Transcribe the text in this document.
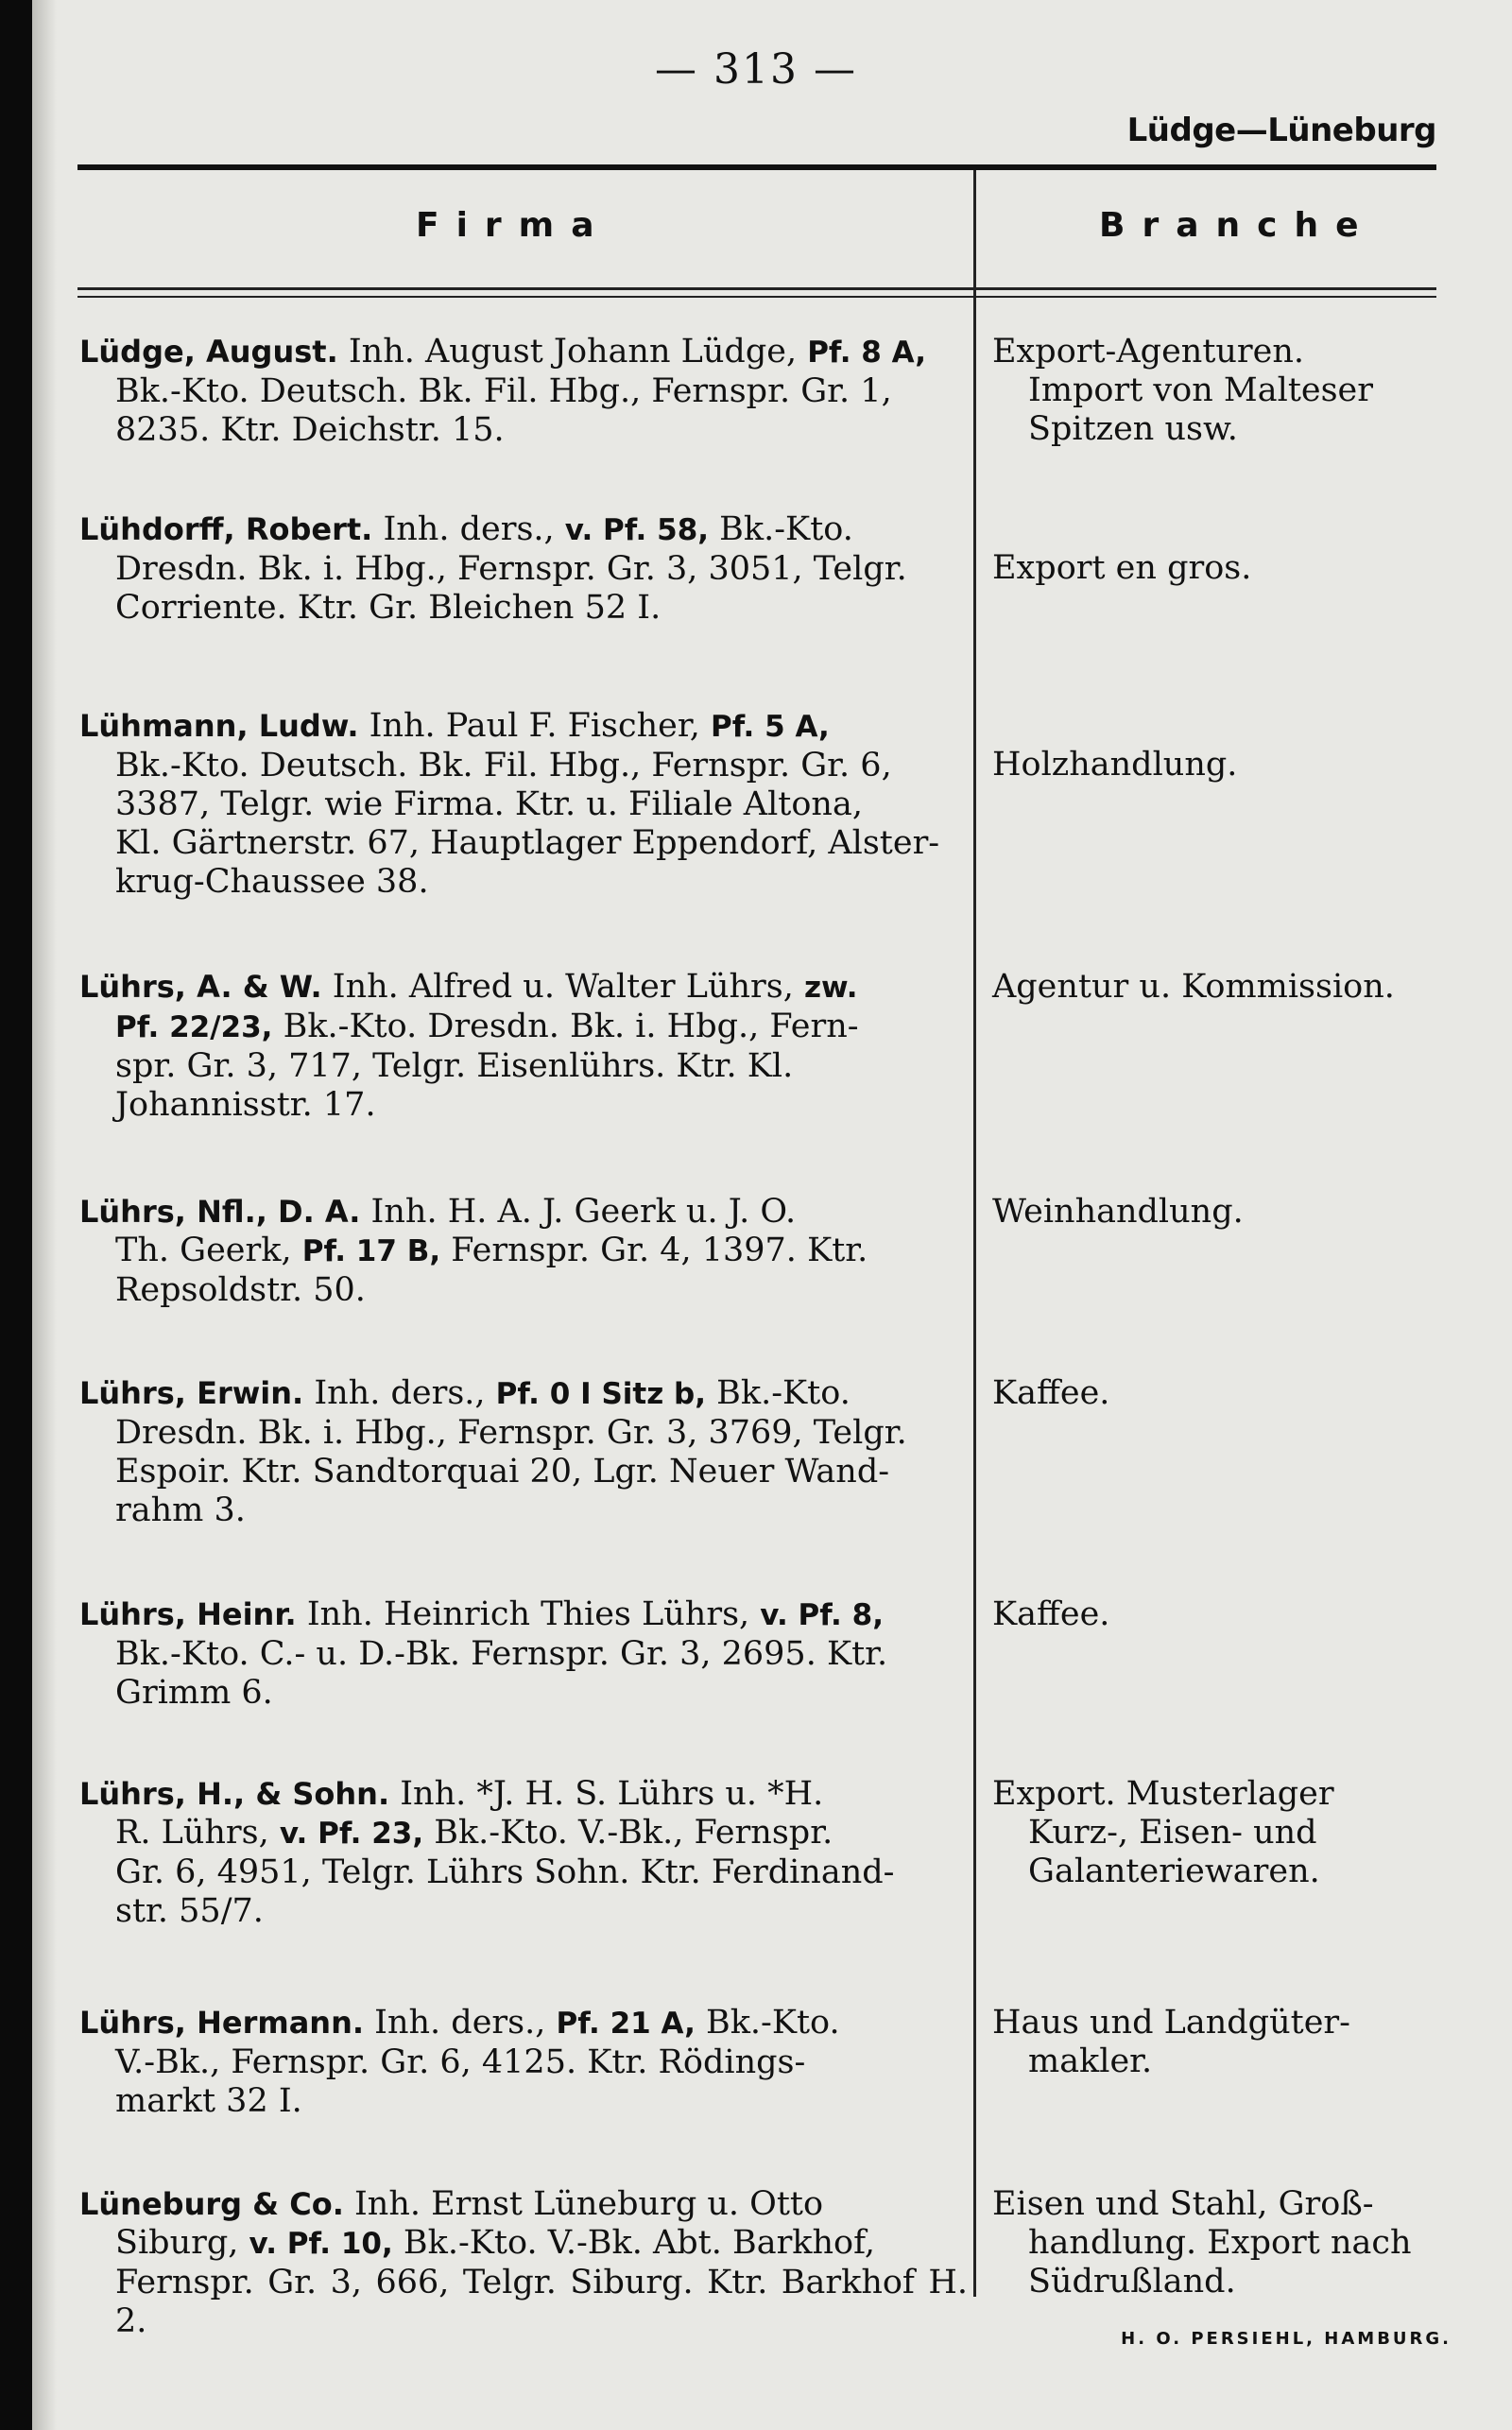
— 313 —
Lüdge—Lüneburg
Firma	Branche
Lüdge, August. Inh. August Johann Lüdge, Pf. 8 A,
Bk.-Kto. Deutsch. Bk. Fil. Hbg., Fernspr. Gr. 1,
8235. Ktr. Deichstr. 15.
Export-Agenturen.
Import von Malteser
Spitzen usw.
Lühdorff, Robert. Inh. ders., v. Pf. 58, Bk.-Kto.
Dresdn. Bk. i. Hbg., Fernspr. Gr. 3, 3051, Telgr.
Corriente. Ktr. Gr. Bleichen 52 I.

Export en gros.
Lühmann, Ludw. Inh. Paul F. Fischer, Pf. 5 A,
Bk.-Kto. Deutsch. Bk. Fil. Hbg., Fernspr. Gr. 6,
3387, Telgr. wie Firma. Ktr. u. Filiale Altona,
Kl. Gärtnerstr. 67, Hauptlager Eppendorf, Alster-
krug-Chaussee 38.

Holzhandlung.
Lührs, A. & W. Inh. Alfred u. Walter Lührs, zw.
Pf. 22/23, Bk.-Kto. Dresdn. Bk. i. Hbg., Fern-
spr. Gr. 3, 717, Telgr. Eisenlührs. Ktr. Kl.
Johannisstr. 17.
Agentur u. Kommission.
Lührs, Nfl., D. A. Inh. H. A. J. Geerk u. J. O.
Th. Geerk, Pf. 17 B, Fernspr. Gr. 4, 1397. Ktr.
Repsoldstr. 50.
Weinhandlung.
Lührs, Erwin. Inh. ders., Pf. 0 I Sitz b, Bk.-Kto.
Dresdn. Bk. i. Hbg., Fernspr. Gr. 3, 3769, Telgr.
Espoir. Ktr. Sandtorquai 20, Lgr. Neuer Wand-
rahm 3.
Kaffee.
Lührs, Heinr. Inh. Heinrich Thies Lührs, v. Pf. 8,
Bk.-Kto. C.- u. D.-Bk. Fernspr. Gr. 3, 2695. Ktr.
Grimm 6.
Kaffee.
Lührs, H., & Sohn. Inh. *J. H. S. Lührs u. *H.
R. Lührs, v. Pf. 23, Bk.-Kto. V.-Bk., Fernspr.
Gr. 6, 4951, Telgr. Lührs Sohn. Ktr. Ferdinand-
str. 55/7.
Export. Musterlager
Kurz-, Eisen- und
Galanteriewaren.
Lührs, Hermann. Inh. ders., Pf. 21 A, Bk.-Kto.
V.-Bk., Fernspr. Gr. 6, 4125. Ktr. Rödings-
markt 32 I.
Haus und Landgüter-
makler.
Lüneburg & Co. Inh. Ernst Lüneburg u. Otto
Siburg, v. Pf. 10, Bk.-Kto. V.-Bk. Abt. Barkhof,
Fernspr. Gr. 3, 666, Telgr. Siburg. Ktr. Barkhof H. 2.
Eisen und Stahl, Groß-
handlung. Export nach
Südrußland.
H. O. PERSIEHL, HAMBURG.
